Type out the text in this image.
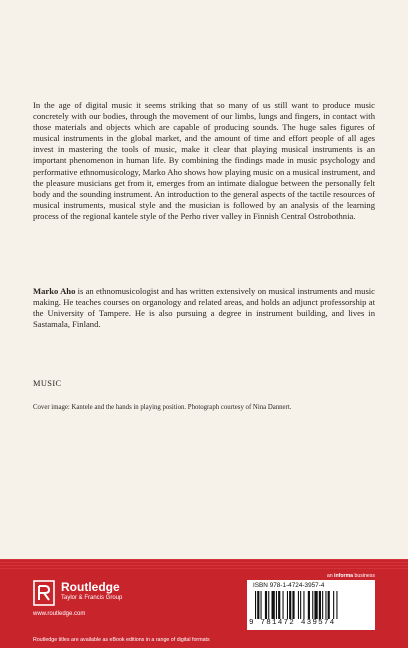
In the age of digital music it seems striking that so many of us still want to produce music concretely with our bodies, through the movement of our limbs, lungs and fingers, in contact with those materials and objects which are capable of producing sounds. The huge sales figures of musical instruments in the global market, and the amount of time and effort people of all ages invest in mastering the tools of music, make it clear that playing musical instruments is an important phenomenon in human life. By combining the findings made in music psychology and performative ethnomusicology, Marko Aho shows how playing music on a musical instrument, and the pleasure musicians get from it, emerges from an intimate dialogue between the personally felt body and the sounding instrument. An introduction to the general aspects of the tactile resources of musical instruments, musical style and the musician is followed by an analysis of the learning process of the regional kantele style of the Perho river valley in Finnish Central Ostrobothnia.

Marko Aho is an ethnomusicologist and has written extensively on musical instruments and music making. He teaches courses on organology and related areas, and holds an adjunct professorship at the University of Tampere. He is also pursuing a degree in instrument building, and lives in Sastamala, Finland.

MUSIC

Cover image: Kantele and the hands in playing position. Photograph courtesy of Nina Dannert.

an informa business

Routledge

Taylor & Francis Group

www.routledge.com

Routledge titles are available as eBook editions in a range of digital formats

ISBN 978-1-4724-3957-4

9 781472 439574
